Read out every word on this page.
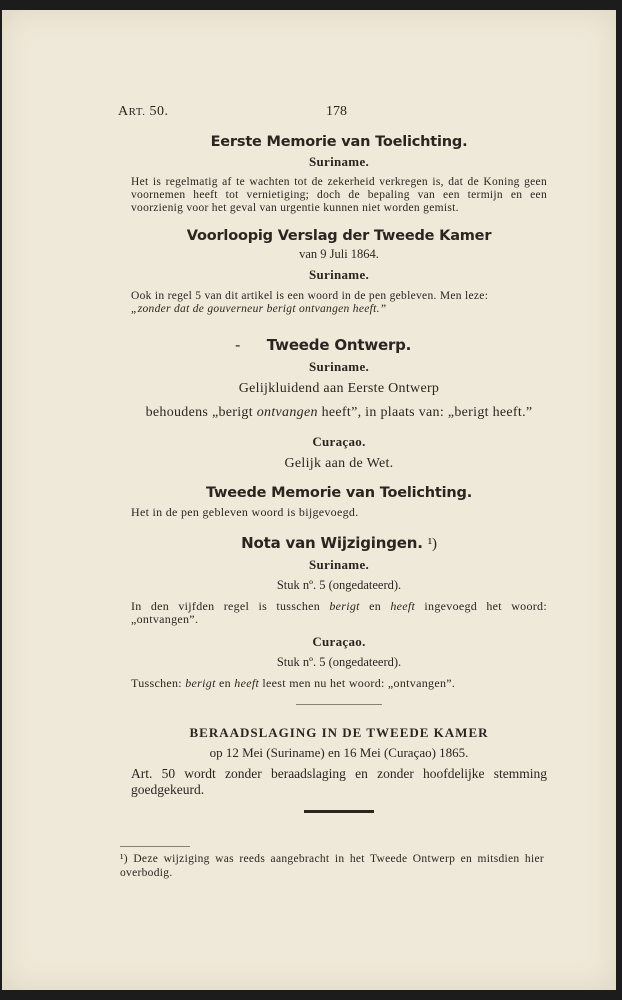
ART. 50.	178
Eerste Memorie van Toelichting.
Suriname.
Het is regelmatig af te wachten tot de zekerheid verkregen is, dat de Koning geen voornemen heeft tot vernietiging; doch de bepaling van een termijn en een voorzienig voor het geval van urgentie kunnen niet worden gemist.
Voorloopig Verslag der Tweede Kamer
van 9 Juli 1864.
Suriname.
Ook in regel 5 van dit artikel is een woord in de pen gebleven. Men leze:
„zonder dat de gouverneur berigt ontvangen heeft.”
- Tweede Ontwerp.
Suriname.
Gelijkluidend aan Eerste Ontwerp
behoudens „berigt ontvangen heeft”, in plaats van: „berigt heeft.”
Curaçao.
Gelijk aan de Wet.
Tweede Memorie van Toelichting.
Het in de pen gebleven woord is bijgevoegd.
Nota van Wijzigingen. ¹)
Suriname.
Stuk nº. 5 (ongedateerd).
In den vijfden regel is tusschen berigt en heeft ingevoegd het woord: „ontvangen”.
Curaçao.
Stuk nº. 5 (ongedateerd).
Tusschen: berigt en heeft leest men nu het woord: „ontvangen”.
BERAADSLAGING IN DE TWEEDE KAMER
op 12 Mei (Suriname) en 16 Mei (Curaçao) 1865.
Art. 50 wordt zonder beraadslaging en zonder hoofdelijke stemming goedgekeurd.
¹) Deze wijziging was reeds aangebracht in het Tweede Ontwerp en mitsdien hier overbodig.
